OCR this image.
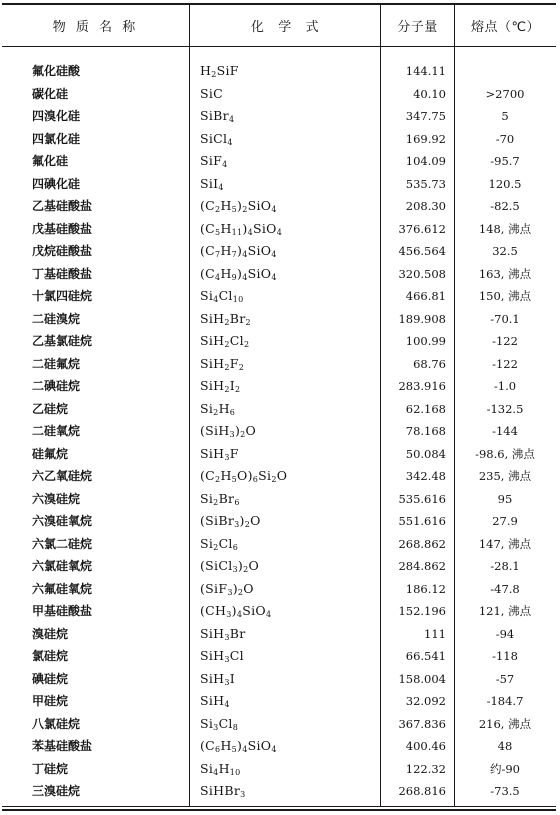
物 质 名 称	化   学   式	分子量	熔点（℃）
氟化硅酸	$H_2SiF$	144.11
碳化硅	SiC	40.10	>2700
四溴化硅	SiBr$_4$	347.75	5
四氯化硅	SiCl$_4$	169.92	-70
氟化硅	SiF$_4$	104.09	-95.7
四碘化硅	SiI$_4$	535.73	120.5
乙基硅酸盐	$(C_2H_5)_2SiO_4$	208.30	-82.5
戊基硅酸盐	$(C_5H_{11})_4SiO_4$	376.612	148, 沸点
戊烷硅酸盐	$(C_7H_7)_4SiO_4$	456.564	32.5
丁基硅酸盐	$(C_4H_9)_4SiO_4$	320.508	163, 沸点
十氯四硅烷	$Si_4Cl_{10}$	466.81	150, 沸点
二硅溴烷	$SiH_2Br_2$	189.908	-70.1
乙基氯硅烷	$SiH_2Cl_2$	100.99	-122
二硅氟烷	$SiH_2F_2$	68.76	-122
二碘硅烷	$SiH_2I_2$	283.916	-1.0
乙硅烷	$Si_2H_6$	62.168	-132.5
二硅氧烷	$(SiH_3)_2O$	78.168	-144
硅氟烷	SiH$_3$F	50.084	-98.6, 沸点
六乙氧硅烷	$(C_2H_5O)_6Si_2O$	342.48	235, 沸点
六溴硅烷	$Si_2Br_6$	535.616	95
六溴硅氧烷	$(SiBr_3)_2O$	551.616	27.9
六氯二硅烷	$Si_2Cl_6$	268.862	147, 沸点
六氯硅氧烷	$(SiCl_3)_2O$	284.862	-28.1
六氟硅氧烷	$(SiF_3)_2O$	186.12	-47.8
甲基硅酸盐	$(CH_3)_4SiO_4$	152.196	121, 沸点
溴硅烷	SiH$_3$Br	111	-94
氯硅烷	SiH$_3$Cl	66.541	-118
碘硅烷	SiH$_3$I	158.004	-57
甲硅烷	SiH$_4$	32.092	-184.7
八氯硅烷	$Si_3Cl_8$	367.836	216, 沸点
苯基硅酸盐	$(C_6H_5)_4SiO_4$	400.46	48
丁硅烷	$Si_4H_{10}$	122.32	约-90
三溴硅烷	SiHBr$_3$	268.816	-73.5
